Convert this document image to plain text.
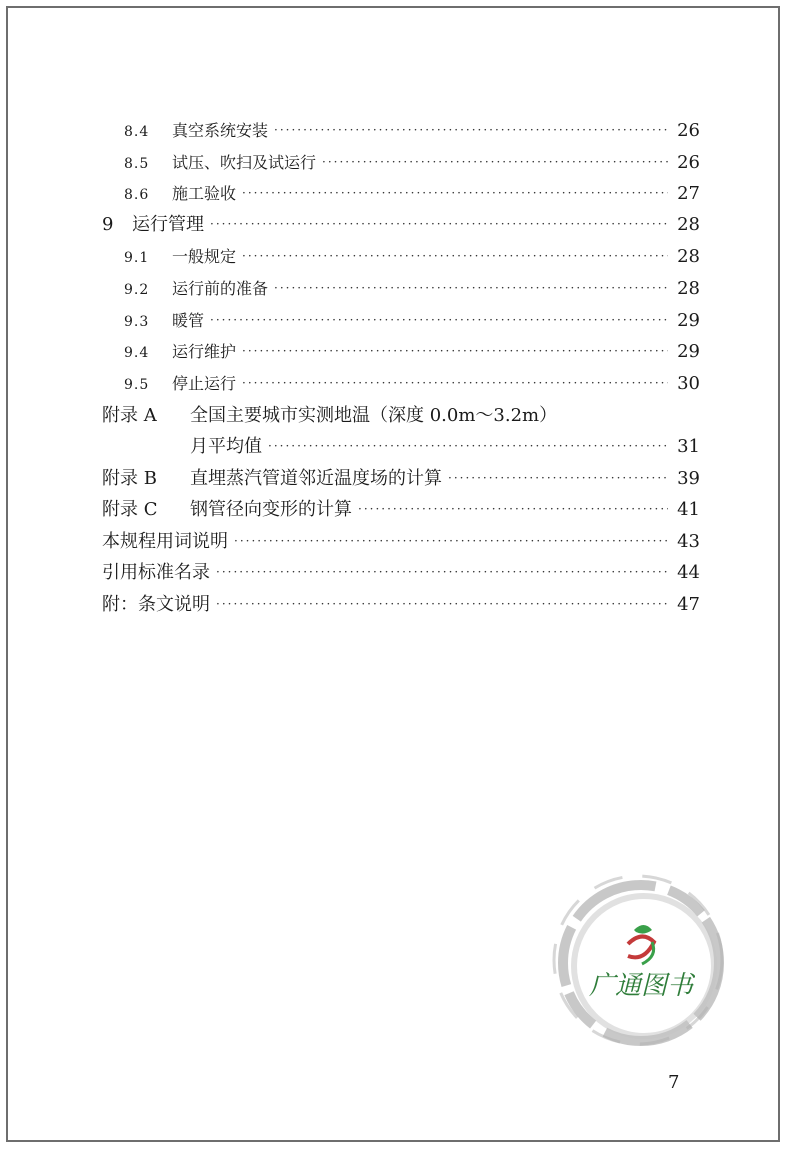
8.4	真空系统安装 ·····	26
8.5	试压、吹扫及试运行 ·····	26
8.6	施工验收 ·····	27
9	运行管理 ·····	28
9.1	一般规定 ·····	28
9.2	运行前的准备 ·····	28
9.3	暖管 ·····	29
9.4	运行维护 ·····	29
9.5	停止运行 ·····	30
附录 A	全国主要城市实测地温（深度 0.0m～3.2m）
月平均值 ·····	31
附录 B	直埋蒸汽管道邻近温度场的计算 ·····	39
附录 C	钢管径向变形的计算 ·····	41
本规程用词说明 ·····	43
引用标准名录 ·····	44
附：条文说明 ·····	47
广通图书
7
